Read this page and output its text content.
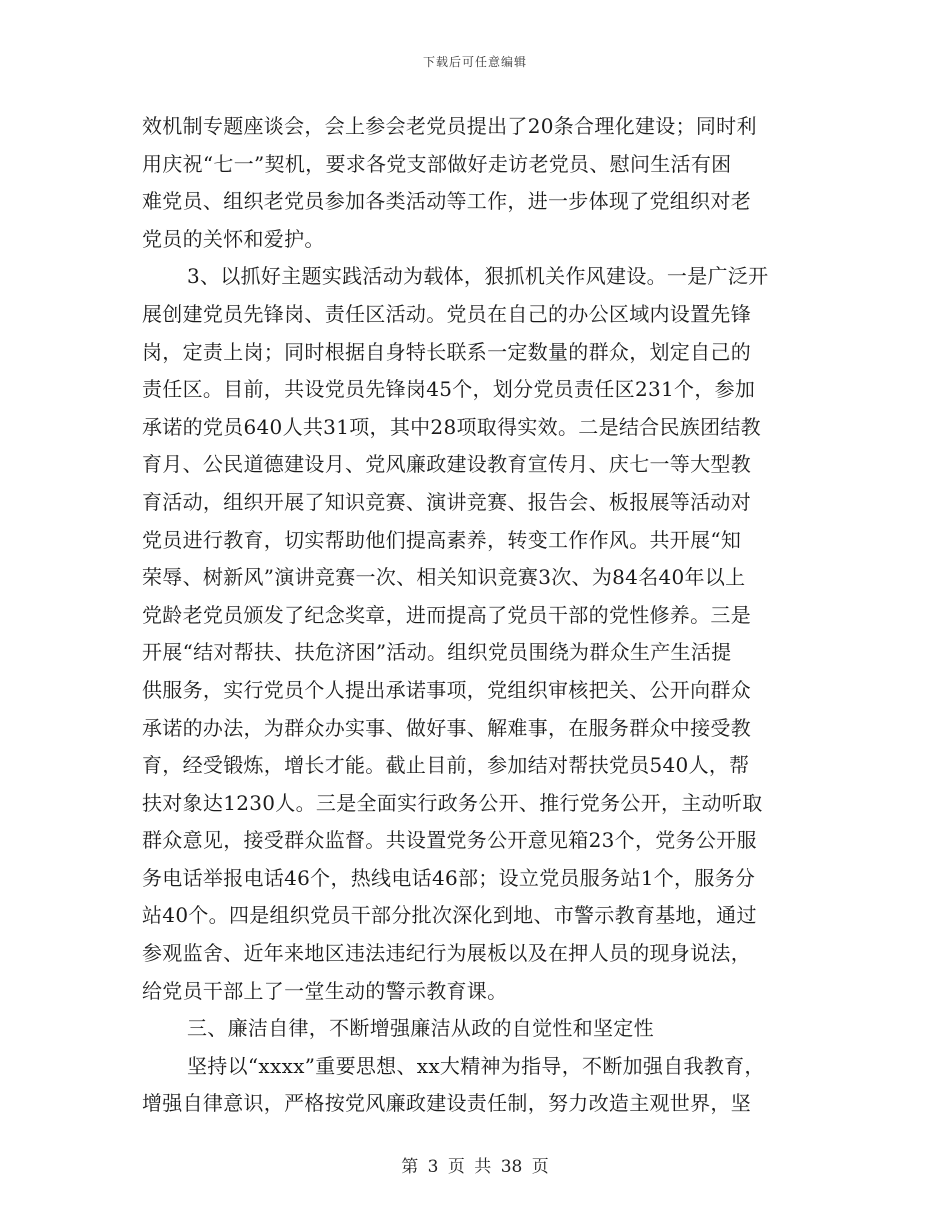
下载后可任意编辑
效机制专题座谈会，会上参会老党员提出了20条合理化建设；同时利
用庆祝“七一”契机，要求各党支部做好走访老党员、慰问生活有困
难党员、组织老党员参加各类活动等工作，进一步体现了党组织对老
党员的关怀和爱护。
3、以抓好主题实践活动为载体，狠抓机关作风建设。一是广泛开
展创建党员先锋岗、责任区活动。党员在自己的办公区域内设置先锋
岗，定责上岗；同时根据自身特长联系一定数量的群众，划定自己的
责任区。目前，共设党员先锋岗45个，划分党员责任区231个，参加
承诺的党员640人共31项，其中28项取得实效。二是结合民族团结教
育月、公民道德建设月、党风廉政建设教育宣传月、庆七一等大型教
育活动，组织开展了知识竞赛、演讲竞赛、报告会、板报展等活动对
党员进行教育，切实帮助他们提高素养，转变工作作风。共开展“知
荣辱、树新风”演讲竞赛一次、相关知识竞赛3次、为84名40年以上
党龄老党员颁发了纪念奖章，进而提高了党员干部的党性修养。三是
开展“结对帮扶、扶危济困”活动。组织党员围绕为群众生产生活提
供服务，实行党员个人提出承诺事项，党组织审核把关、公开向群众
承诺的办法，为群众办实事、做好事、解难事，在服务群众中接受教
育，经受锻炼，增长才能。截止目前，参加结对帮扶党员540人，帮
扶对象达1230人。三是全面实行政务公开、推行党务公开，主动听取
群众意见，接受群众监督。共设置党务公开意见箱23个，党务公开服
务电话举报电话46个，热线电话46部；设立党员服务站1个，服务分
站40个。四是组织党员干部分批次深化到地、市警示教育基地，通过
参观监舍、近年来地区违法违纪行为展板以及在押人员的现身说法，
给党员干部上了一堂生动的警示教育课。
三、廉洁自律，不断增强廉洁从政的自觉性和坚定性
坚持以“xxxx”重要思想、xx大精神为指导，不断加强自我教育，
增强自律意识，严格按党风廉政建设责任制，努力改造主观世界，坚
第 3 页 共 38 页
